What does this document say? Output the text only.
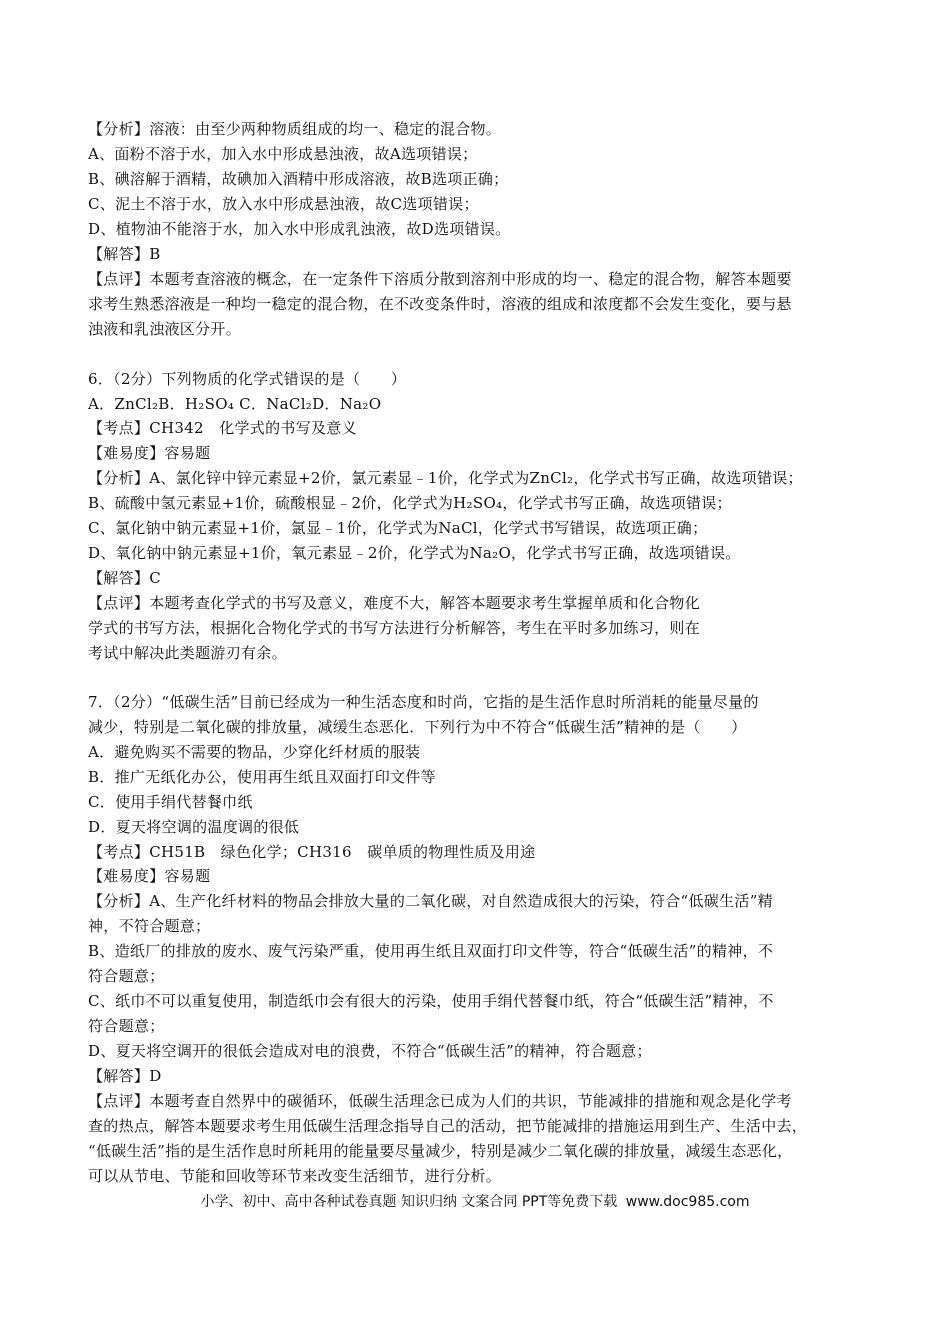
【分析】溶液：由至少两种物质组成的均一、稳定的混合物。
A、面粉不溶于水，加入水中形成悬浊液，故A选项错误；
B、碘溶解于酒精，故碘加入酒精中形成溶液，故B选项正确；
C、泥土不溶于水，放入水中形成悬浊液，故C选项错误；
D、植物油不能溶于水，加入水中形成乳浊液，故D选项错误。
【解答】B
【点评】本题考查溶液的概念，在一定条件下溶质分散到溶剂中形成的均一、稳定的混合物，解答本题要
求考生熟悉溶液是一种均一稳定的混合物，在不改变条件时，溶液的组成和浓度都不会发生变化，要与悬
浊液和乳浊液区分开。
6．（2分）下列物质的化学式错误的是（　　）
A．ZnCl₂B．H₂SO₄ C．NaCl₂D．Na₂O
【考点】CH342　化学式的书写及意义
【难易度】容易题
【分析】A、氯化锌中锌元素显+2价，氯元素显﹣1价，化学式为ZnCl₂，化学式书写正确，故选项错误；
B、硫酸中氢元素显+1价，硫酸根显﹣2价，化学式为H₂SO₄，化学式书写正确，故选项错误；
C、氯化钠中钠元素显+1价，氯显﹣1价，化学式为NaCl，化学式书写错误，故选项正确；
D、氧化钠中钠元素显+1价，氧元素显﹣2价，化学式为Na₂O，化学式书写正确，故选项错误。
【解答】C
【点评】本题考查化学式的书写及意义，难度不大，解答本题要求考生掌握单质和化合物化
学式的书写方法，根据化合物化学式的书写方法进行分析解答，考生在平时多加练习，则在
考试中解决此类题游刃有余。
7．（2分）“低碳生活”目前已经成为一种生活态度和时尚，它指的是生活作息时所消耗的能量尽量的
减少，特别是二氧化碳的排放量，减缓生态恶化．下列行为中不符合“低碳生活”精神的是（　　）
A．避免购买不需要的物品，少穿化纤材质的服装
B．推广无纸化办公，使用再生纸且双面打印文件等
C．使用手绢代替餐巾纸
D．夏天将空调的温度调的很低
【考点】CH51B　绿色化学；CH316　碳单质的物理性质及用途
【难易度】容易题
【分析】A、生产化纤材料的物品会排放大量的二氧化碳，对自然造成很大的污染，符合“低碳生活”精
神，不符合题意；
B、造纸厂的排放的废水、废气污染严重，使用再生纸且双面打印文件等，符合“低碳生活”的精神，不
符合题意；
C、纸巾不可以重复使用，制造纸巾会有很大的污染，使用手绢代替餐巾纸，符合“低碳生活”精神，不
符合题意；
D、夏天将空调开的很低会造成对电的浪费，不符合“低碳生活”的精神，符合题意；
【解答】D
【点评】本题考查自然界中的碳循环，低碳生活理念已成为人们的共识，节能减排的措施和观念是化学考
查的热点，解答本题要求考生用低碳生活理念指导自己的活动，把节能减排的措施运用到生产、生活中去，
“低碳生活”指的是生活作息时所耗用的能量要尽量减少，特别是减少二氧化碳的排放量，减缓生态恶化，
可以从节电、节能和回收等环节来改变生活细节，进行分析。
小学、初中、高中各种试卷真题 知识归纳 文案合同 PPT等免费下载 www.doc985.com
